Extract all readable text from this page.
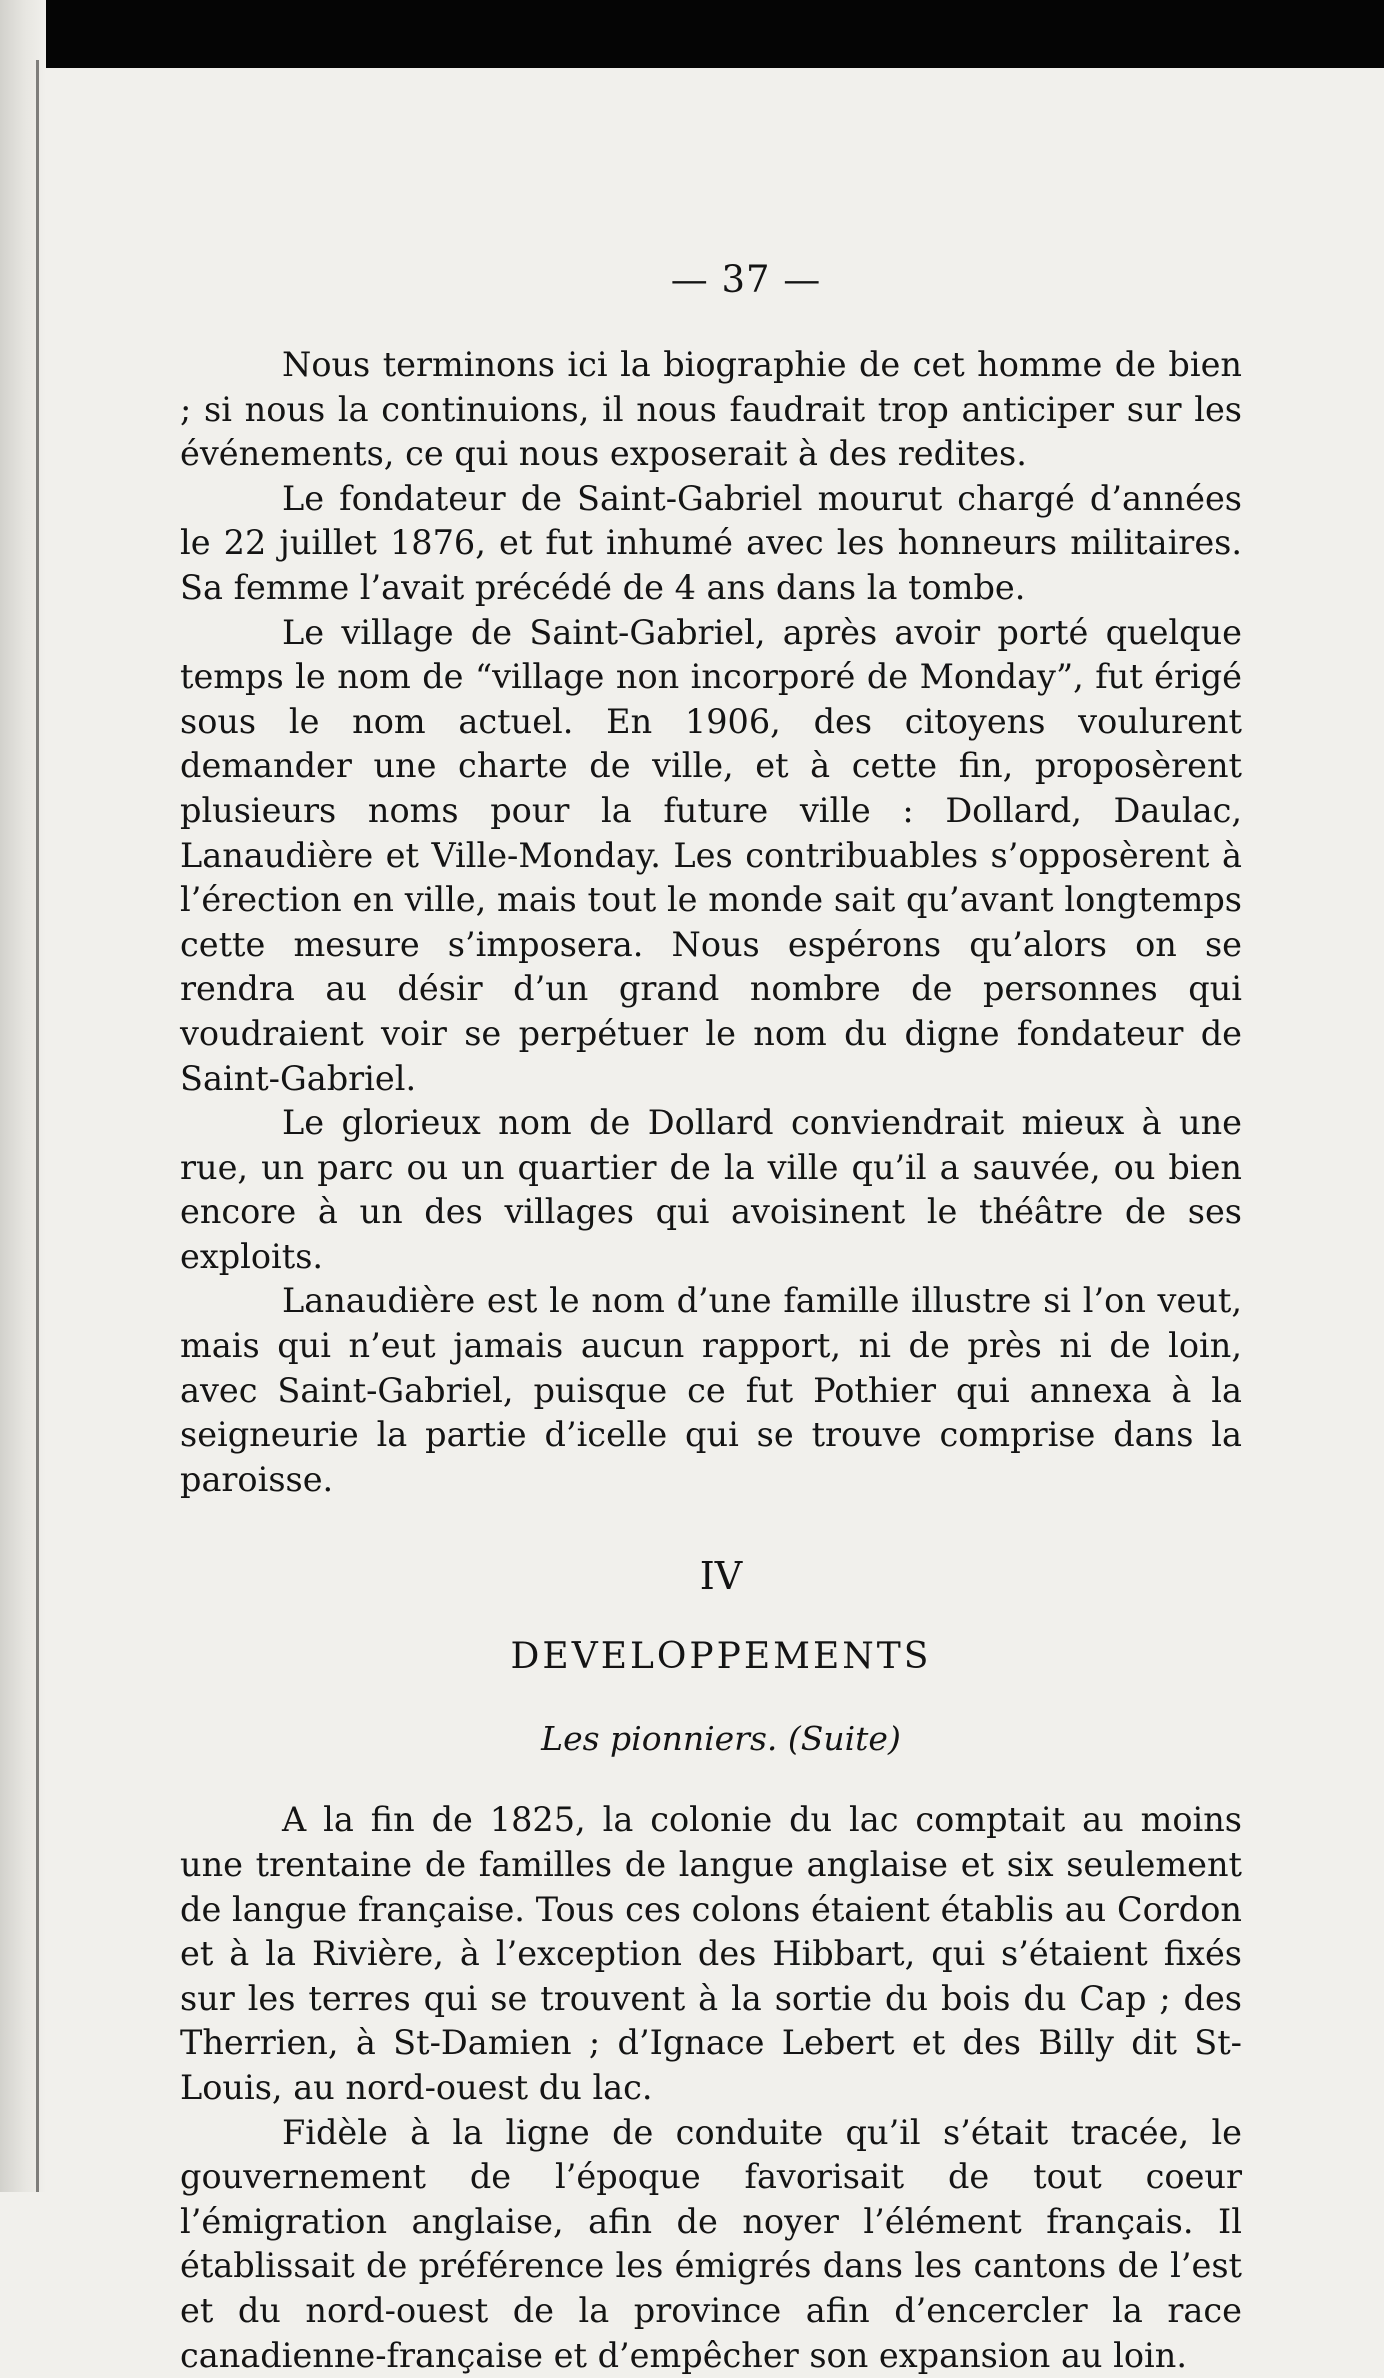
— 37 —

Nous terminons ici la biographie de cet homme de bien ; si nous la continuions, il nous faudrait trop anticiper sur les événements, ce qui nous exposerait à des redites.

Le fondateur de Saint-Gabriel mourut chargé d’années le 22 juillet 1876, et fut inhumé avec les honneurs militaires. Sa femme l’avait précédé de 4 ans dans la tombe.

Le village de Saint-Gabriel, après avoir porté quelque temps le nom de “village non incorporé de Monday”, fut érigé sous le nom actuel. En 1906, des citoyens voulurent demander une charte de ville, et à cette fin, proposèrent plusieurs noms pour la future ville : Dollard, Daulac, Lanaudière et Ville-Monday. Les contribuables s’opposèrent à l’érection en ville, mais tout le monde sait qu’avant longtemps cette mesure s’imposera. Nous espérons qu’alors on se rendra au désir d’un grand nombre de personnes qui voudraient voir se perpétuer le nom du digne fondateur de Saint-Gabriel.

Le glorieux nom de Dollard conviendrait mieux à une rue, un parc ou un quartier de la ville qu’il a sauvée, ou bien encore à un des villages qui avoisinent le théâtre de ses exploits.

Lanaudière est le nom d’une famille illustre si l’on veut, mais qui n’eut jamais aucun rapport, ni de près ni de loin, avec Saint-Gabriel, puisque ce fut Pothier qui annexa à la seigneurie la partie d’icelle qui se trouve comprise dans la paroisse.

IV
DEVELOPPEMENTS
Les pionniers. (Suite)

A la fin de 1825, la colonie du lac comptait au moins une trentaine de familles de langue anglaise et six seulement de langue française. Tous ces colons étaient établis au Cordon et à la Rivière, à l’exception des Hibbart, qui s’étaient fixés sur les terres qui se trouvent à la sortie du bois du Cap ; des Therrien, à St-Damien ; d’Ignace Lebert et des Billy dit St-Louis, au nord-ouest du lac.

Fidèle à la ligne de conduite qu’il s’était tracée, le gouvernement de l’époque favorisait de tout coeur l’émigration anglaise, afin de noyer l’élément français. Il établissait de préférence les émigrés dans les cantons de l’est et du nord-ouest de la province afin d’encercler la race canadienne-française et d’empêcher son expansion au loin.
